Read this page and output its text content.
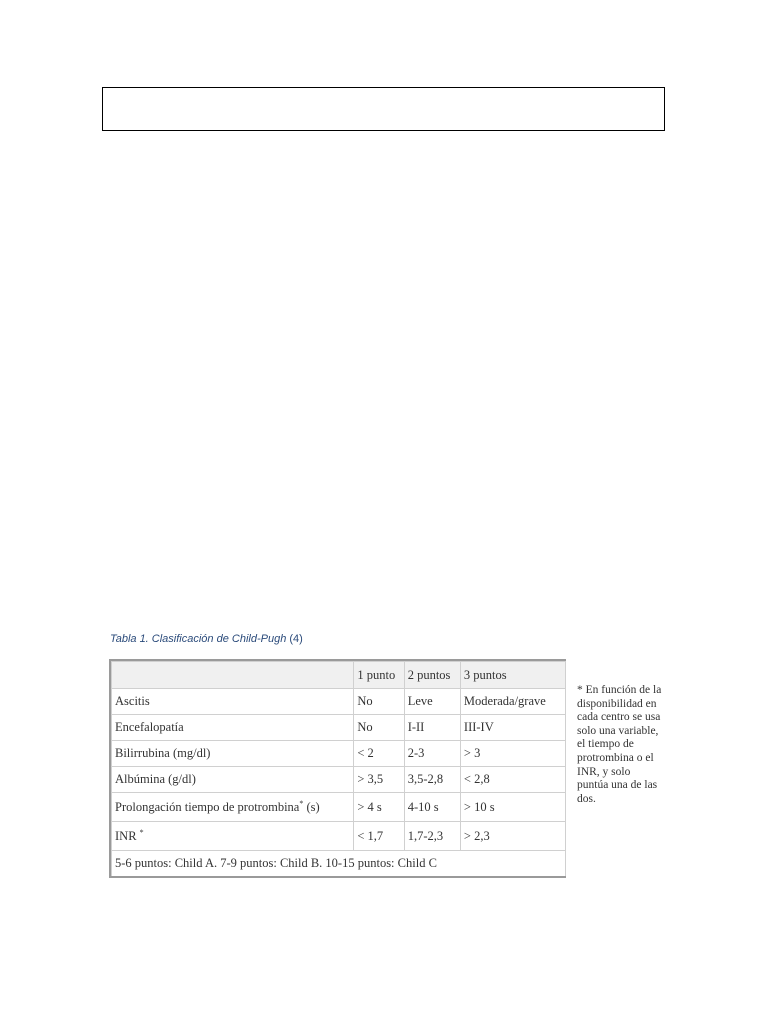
Tabla 1. Clasificación de Child-Pugh (4)
	1 punto	2 puntos	3 puntos
Ascitis	No	Leve	Moderada/grave
Encefalopatía	No	I-II	III-IV
Bilirrubina (mg/dl)	< 2	2-3	> 3
Albúmina (g/dl)	> 3,5	3,5-2,8	< 2,8
Prolongación tiempo de protrombina* (s)	> 4 s	4-10 s	> 10 s
INR *	< 1,7	1,7-2,3	> 2,3
5-6 puntos: Child A. 7-9 puntos: Child B. 10-15 puntos: Child C			
* En función de la disponibilidad en cada centro se usa solo una variable, el tiempo de protrombina o el INR, y solo puntúa una de las dos.
